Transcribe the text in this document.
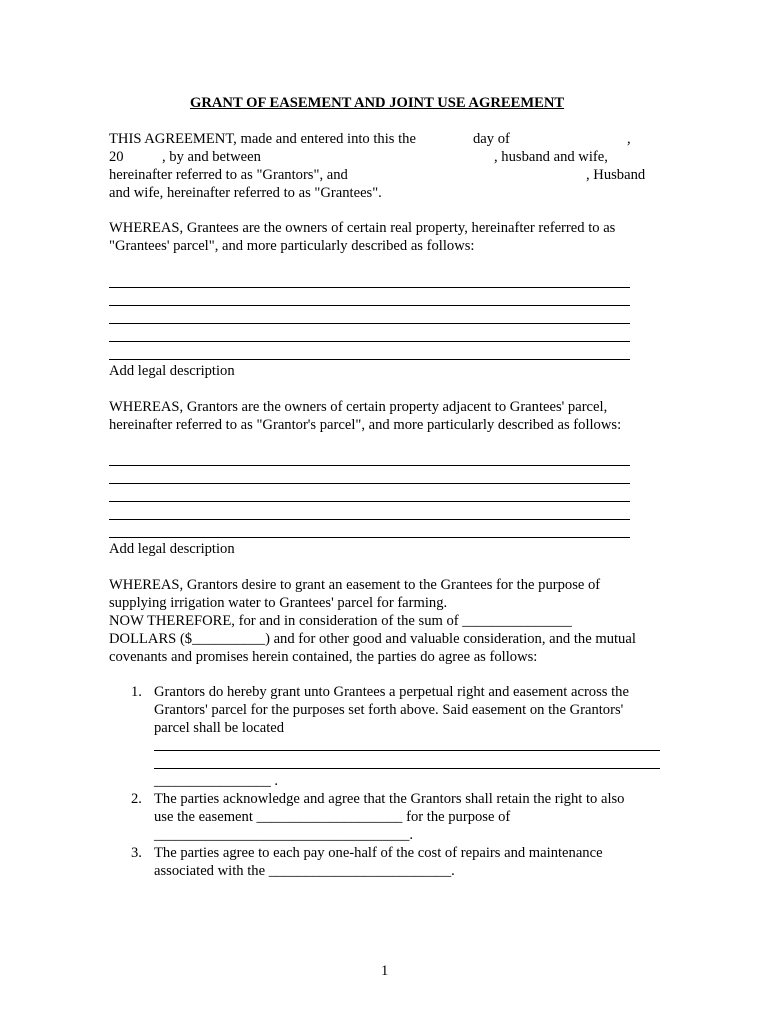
GRANT OF EASEMENT AND JOINT USE AGREEMENT
THIS AGREEMENT, made and entered into this the	day of	,
20	, by and between	, husband and wife,
hereinafter referred to as "Grantors", and	, Husband
and wife, hereinafter referred to as "Grantees".
WHEREAS, Grantees are the owners of certain real property, hereinafter referred to as
"Grantees' parcel", and more particularly described as follows:
Add legal description
WHEREAS, Grantors are the owners of certain property adjacent to Grantees' parcel,
hereinafter referred to as "Grantor's parcel", and more particularly described as follows:
Add legal description
WHEREAS, Grantors desire to grant an easement to the Grantees for the purpose of
supplying irrigation water to Grantees' parcel for farming.
NOW THEREFORE, for and in consideration of the sum of _______________
DOLLARS ($__________) and for other good and valuable consideration, and the mutual
covenants and promises herein contained, the parties do agree as follows:
1. Grantors do hereby grant unto Grantees a perpetual right and easement across the
Grantors' parcel for the purposes set forth above. Said easement on the Grantors'
parcel shall be located
________________ .
2. The parties acknowledge and agree that the Grantors shall retain the right to also
use the easement ____________________ for the purpose of
___________________________________.
3. The parties agree to each pay one-half of the cost of repairs and maintenance
associated with the _________________________.
1
